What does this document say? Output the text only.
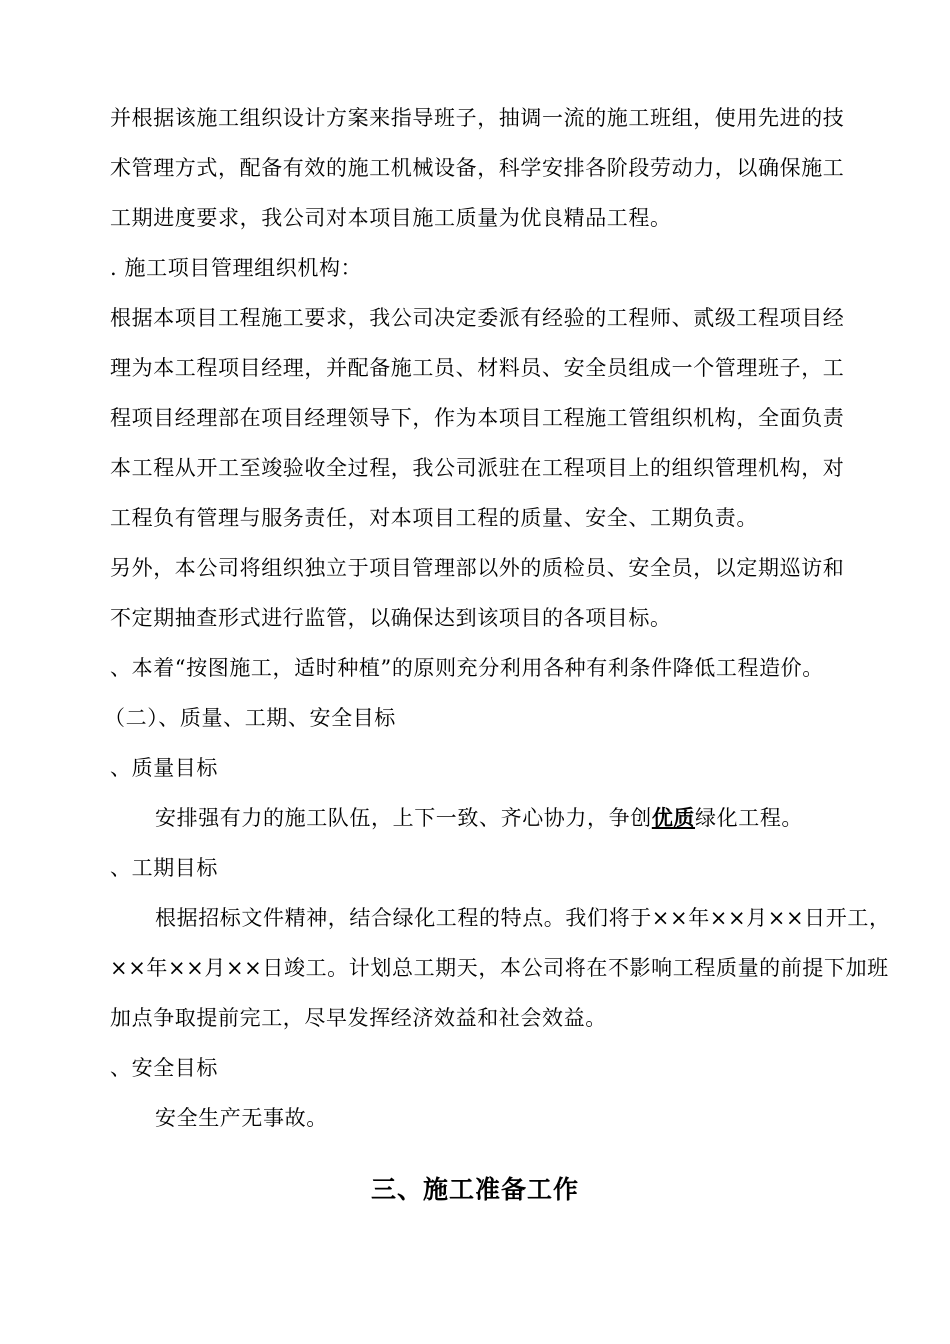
并根据该施工组织设计方案来指导班子，抽调一流的施工班组，使用先进的技
术管理方式，配备有效的施工机械设备，科学安排各阶段劳动力，以确保施工
工期进度要求，我公司对本项目施工质量为优良精品工程。
. 施工项目管理组织机构：
根据本项目工程施工要求，我公司决定委派有经验的工程师、贰级工程项目经
理为本工程项目经理，并配备施工员、材料员、安全员组成一个管理班子，工
程项目经理部在项目经理领导下，作为本项目工程施工管组织机构，全面负责
本工程从开工至竣验收全过程，我公司派驻在工程项目上的组织管理机构，对
工程负有管理与服务责任，对本项目工程的质量、安全、工期负责。
另外，本公司将组织独立于项目管理部以外的质检员、安全员，以定期巡访和
不定期抽查形式进行监管，以确保达到该项目的各项目标。
、本着“按图施工，适时种植”的原则充分利用各种有利条件降低工程造价。
（二）、质量、工期、安全目标
、质量目标
安排强有力的施工队伍，上下一致、齐心协力，争创优质绿化工程。
、工期目标
根据招标文件精神，结合绿化工程的特点。我们将于××年××月××日开工，
××年××月××日竣工。计划总工期天，本公司将在不影响工程质量的前提下加班
加点争取提前完工，尽早发挥经济效益和社会效益。
、安全目标
安全生产无事故。
三、施工准备工作
